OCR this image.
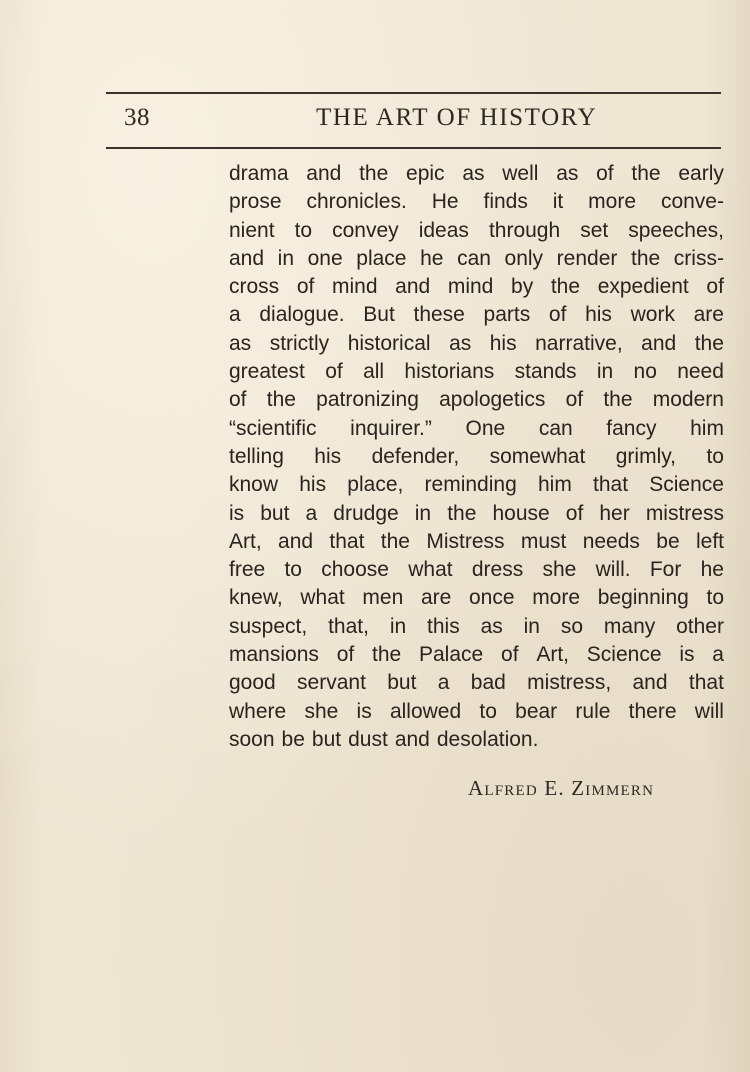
38	THE ART OF HISTORY
drama and the epic as well as of the early
prose chronicles. He finds it more conve-
nient to convey ideas through set speeches,
and in one place he can only render the criss-
cross of mind and mind by the expedient of
a dialogue. But these parts of his work are
as strictly historical as his narrative, and the
greatest of all historians stands in no need
of the patronizing apologetics of the modern
“scientific inquirer.” One can fancy him
telling his defender, somewhat grimly, to
know his place, reminding him that Science
is but a drudge in the house of her mistress
Art, and that the Mistress must needs be left
free to choose what dress she will. For he
knew, what men are once more beginning to
suspect, that, in this as in so many other
mansions of the Palace of Art, Science is a
good servant but a bad mistress, and that
where she is allowed to bear rule there will
soon be but dust and desolation.
Alfred E. Zimmern
